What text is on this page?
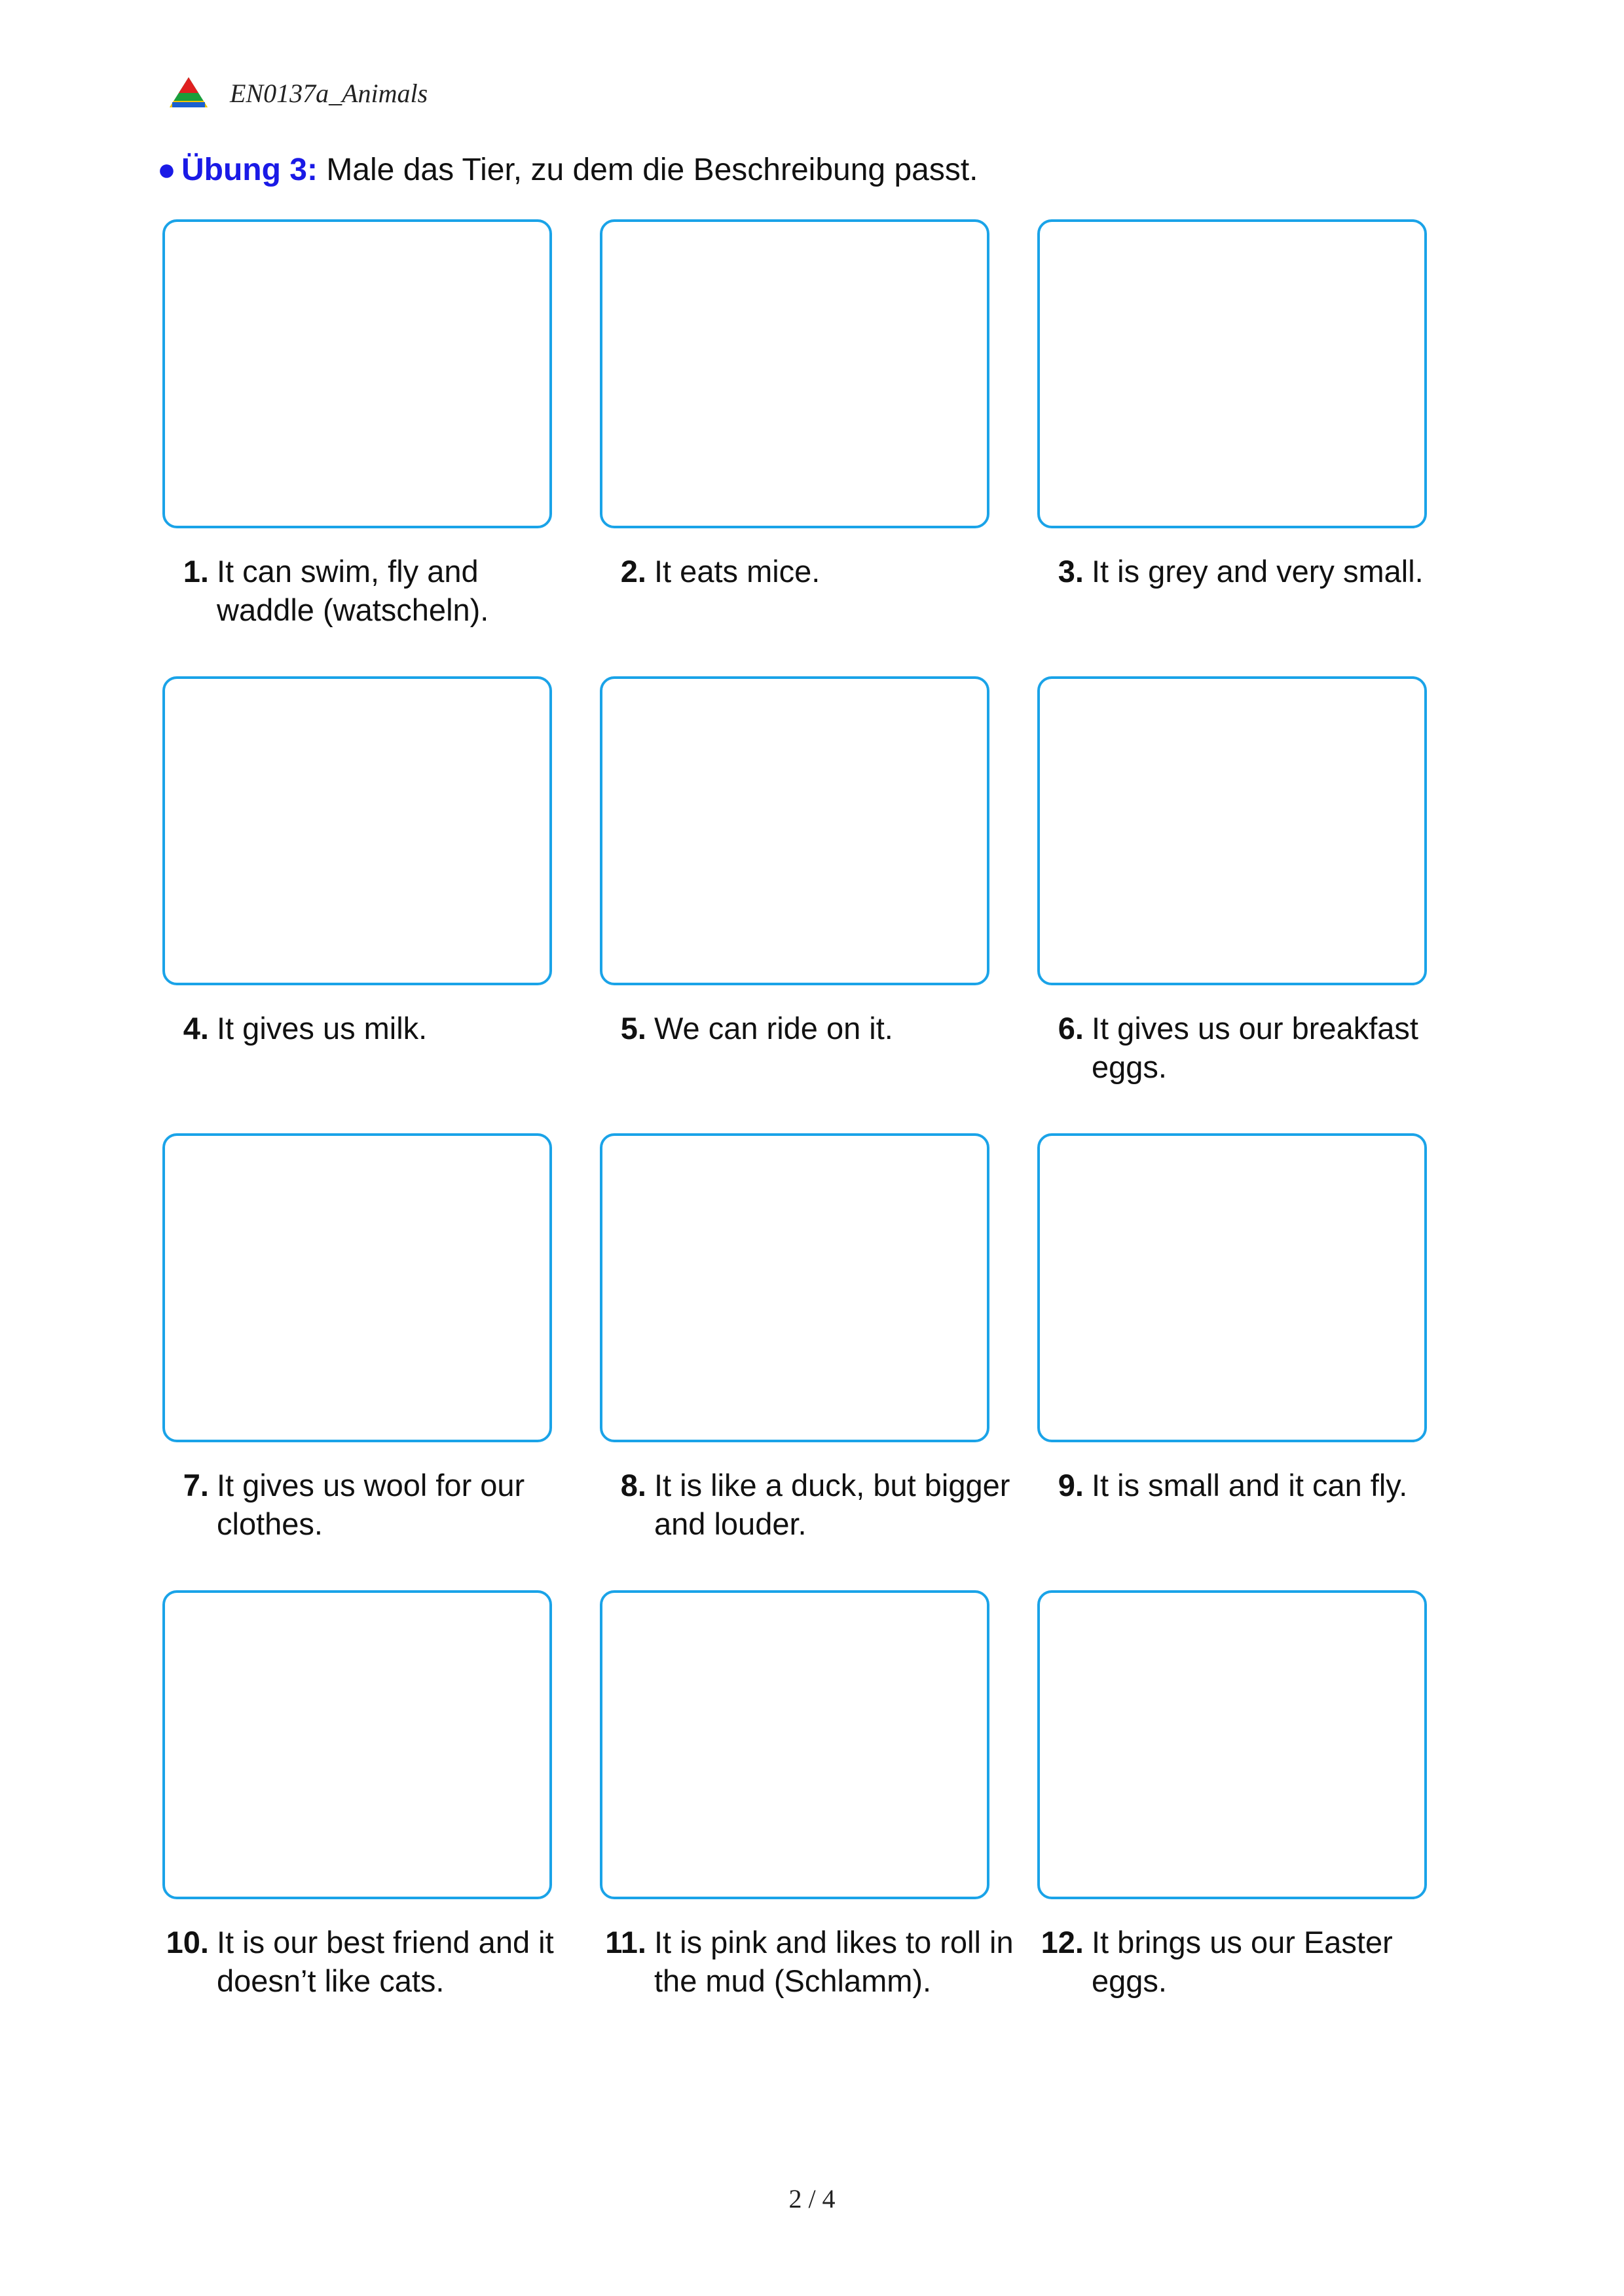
EN0137a_Animals
● Übung 3: Male das Tier, zu dem die Beschreibung passt.
1. It can swim, fly and waddle (watscheln).
2. It eats mice.	3. It is grey and very small.
4. It gives us milk.	5. We can ride on it.	6. It gives us our breakfast eggs.
7. It gives us wool for our clothes.
8. It is like a duck, but bigger and louder.
9. It is small and it can fly.
10. It is our best friend and it doesn’t like cats.
11. It is pink and likes to roll in the mud (Schlamm).
12. It brings us our Easter eggs.
2 / 4
